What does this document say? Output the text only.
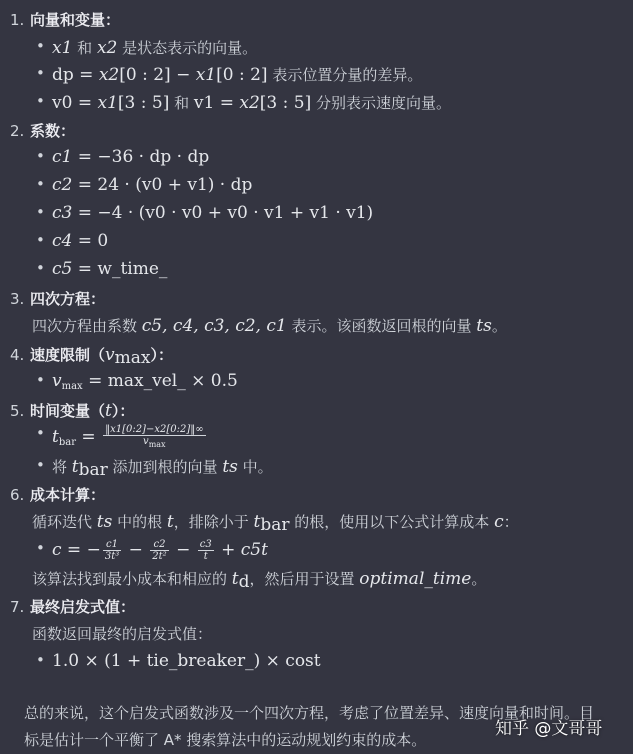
1. 向量和变量：
• x1 和 x2 是状态表示的向量。
• dp = x2[0 : 2] − x1[0 : 2] 表示位置分量的差异。
• v0 = x1[3 : 5] 和 v1 = x2[3 : 5] 分别表示速度向量。
2. 系数：
• c1 = −36 · dp · dp
• c2 = 24 · (v0 + v1) · dp
• c3 = −4 · (v0 · v0 + v0 · v1 + v1 · v1)
• c4 = 0
• c5 = w_time_
3. 四次方程：
四次方程由系数 c5, c4, c3, c2, c1 表示。该函数返回根的向量 ts。
4. 速度限制$(v_{max})$：
• $v_{max}$ = max_vel_ × 0.5
5. 时间变量（t）：
• $t_{bar} = \frac{‖x1[0:2]-x2[0:2]‖\infty}{v_{max}}$
• 将 $t_{bar}$ 添加到根的向量 ts 中。
6. 成本计算：
循环迭代 ts 中的根 t，排除小于 $t_{bar}$ 的根，使用以下公式计算成本 c：
• c = − $\frac{c1}{\text{3t³}} - \frac{c2}{\text{2t²}} - \frac{c3}{t} + c5t$
该算法找到最小成本和相应的 $t_d$，然后用于设置 optimal_time。
7. 最终启发式值：
函数返回最终的启发式值：
• 1.0 × (1 + tie_breaker_) × cost
总的来说，这个启发式函数涉及一个四次方程，考虑了位置差异、速度向量和时间。目
标是估计一个平衡了 A* 搜索算法中的运动规划约束的成本。
知乎 @文哥哥
